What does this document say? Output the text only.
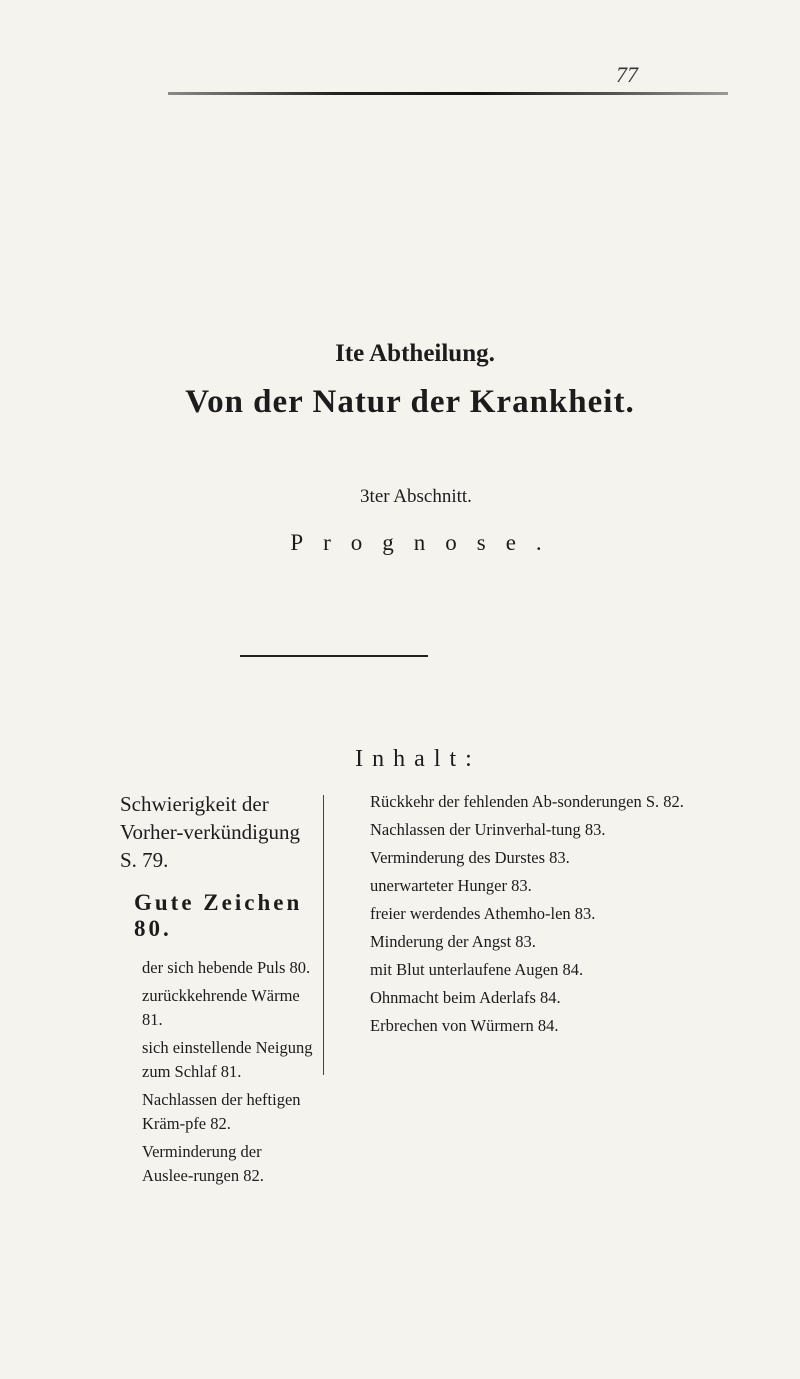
77
Ite Abtheilung.
Von der Natur der Krankheit.
3ter Abschnitt.
Prognose.
Inhalt:
Schwierigkeit der Vorher-verkündigung S. 79.
Gute Zeichen 80.
der sich hebende Puls 80.
zurückkehrende Wärme 81.
sich einstellende Neigung zum Schlaf 81.
Nachlassen der heftigen Kräm-pfe 82.
Verminderung der Auslee-rungen 82.
Rückkehr der fehlenden Ab-sonderungen S. 82.
Nachlassen der Urinverhal-tung 83.
Verminderung des Durstes 83.
unerwarteter Hunger 83.
freier werdendes Athemho-len 83.
Minderung der Angst 83.
mit Blut unterlaufene Augen 84.
Ohnmacht beim Aderlafs 84.
Erbrechen von Würmern 84.
